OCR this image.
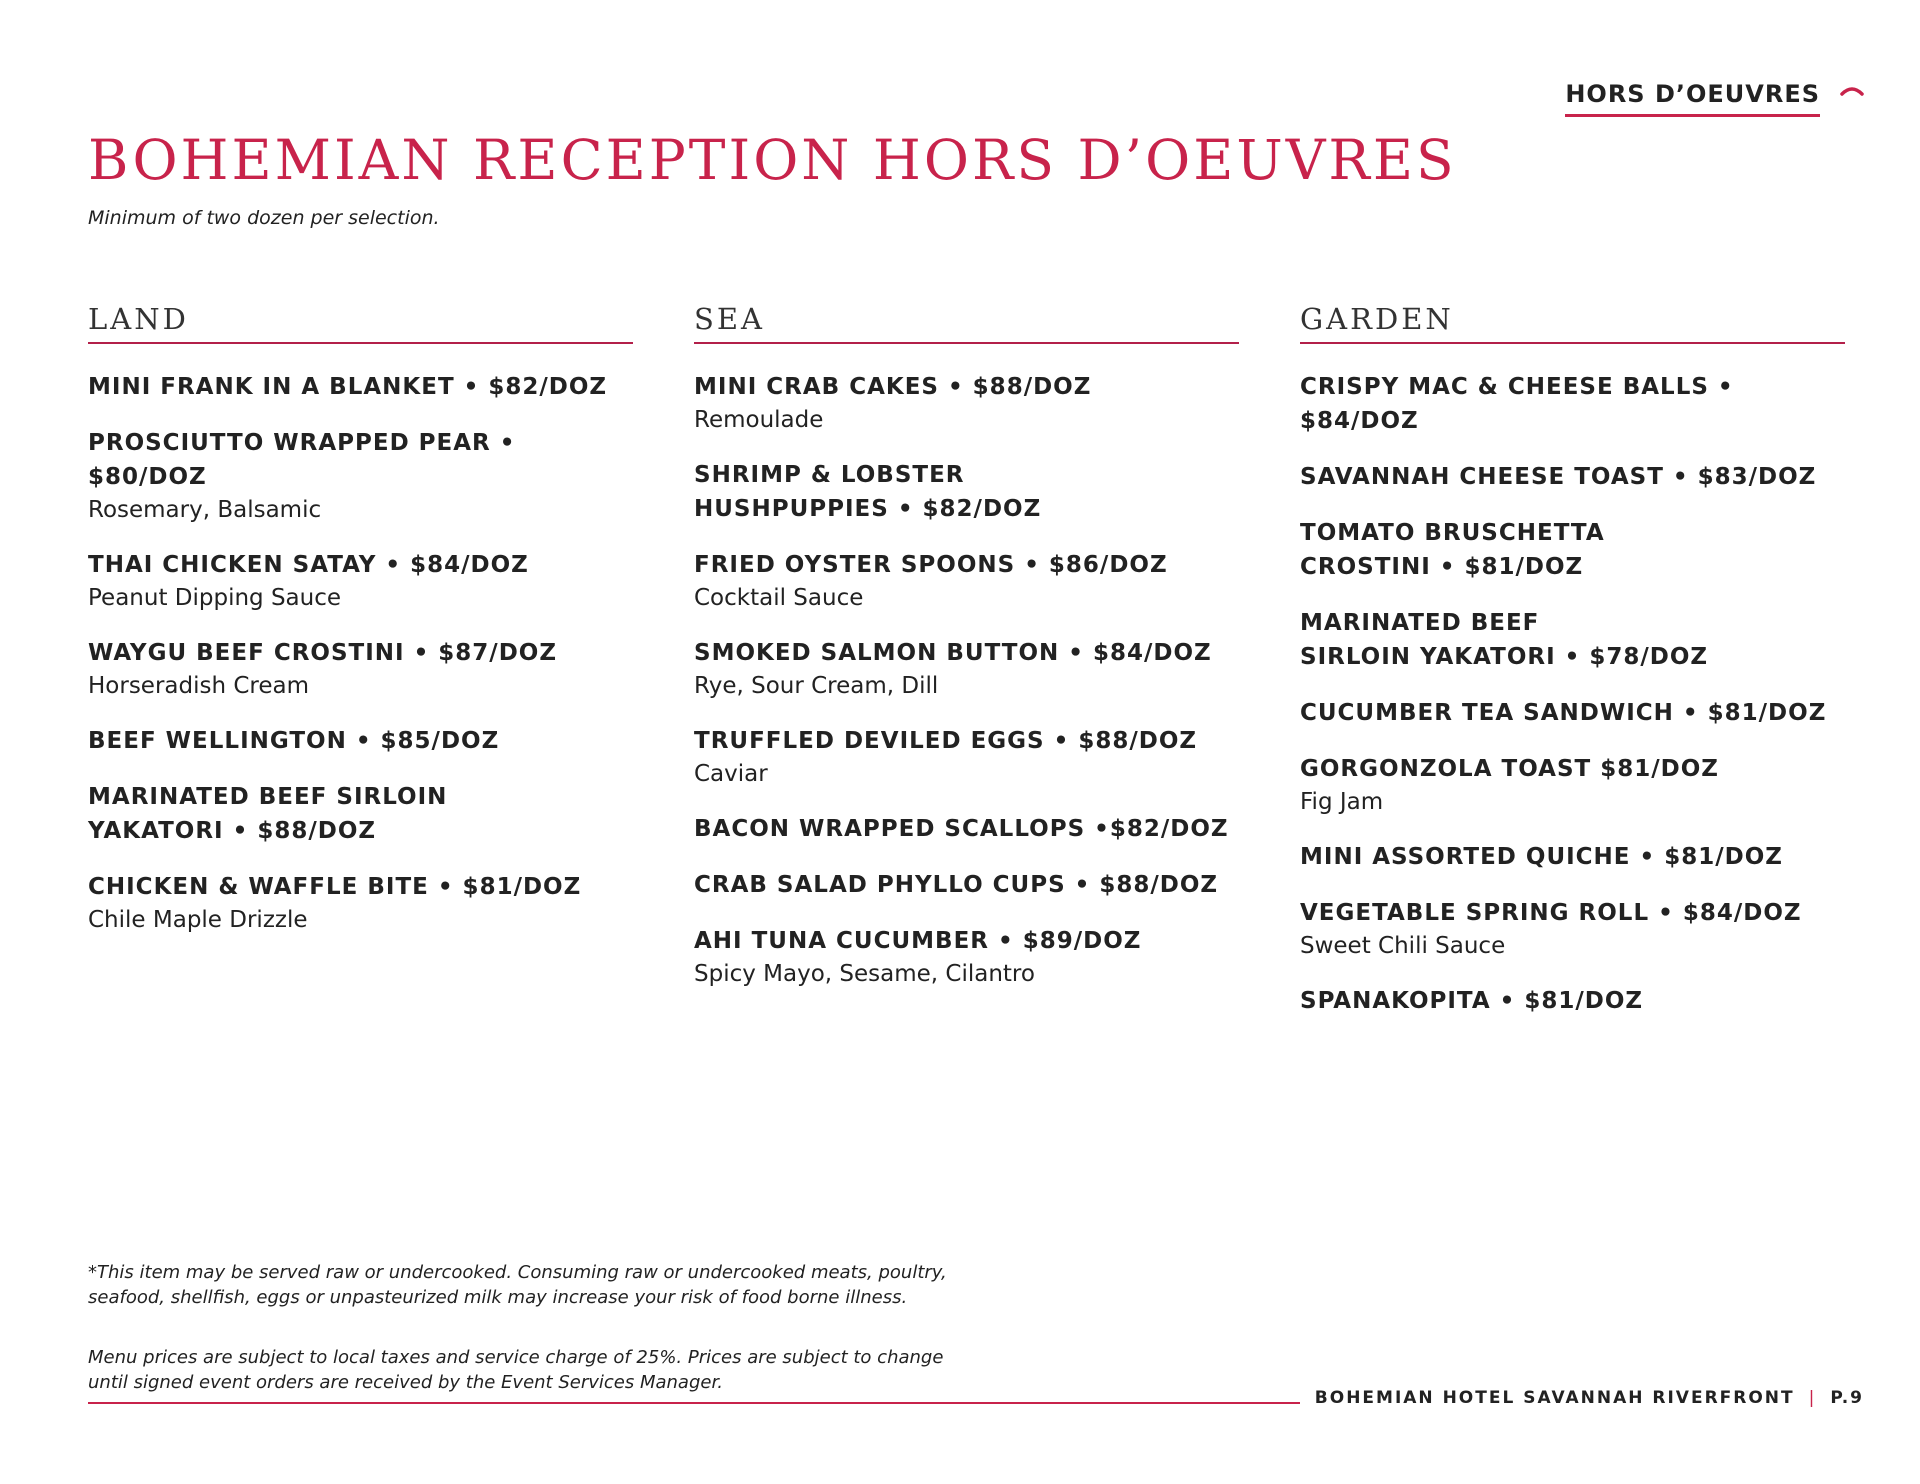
HORS D’OEUVRES
BOHEMIAN RECEPTION HORS D’OEUVRES

Minimum of two dozen per selection.

LAND
MINI FRANK IN A BLANKET • $82/DOZ
PROSCIUTTO WRAPPED PEAR • $80/DOZ
Rosemary, Balsamic
THAI CHICKEN SATAY • $84/DOZ
Peanut Dipping Sauce
WAYGU BEEF CROSTINI • $87/DOZ
Horseradish Cream
BEEF WELLINGTON • $85/DOZ
MARINATED BEEF SIRLOIN
YAKATORI • $88/DOZ
CHICKEN & WAFFLE BITE • $81/DOZ
Chile Maple Drizzle
SEA
MINI CRAB CAKES • $88/DOZ
Remoulade
SHRIMP & LOBSTER
HUSHPUPPIES • $82/DOZ
FRIED OYSTER SPOONS • $86/DOZ
Cocktail Sauce
SMOKED SALMON BUTTON • $84/DOZ
Rye, Sour Cream, Dill
TRUFFLED DEVILED EGGS • $88/DOZ
Caviar
BACON WRAPPED SCALLOPS •$82/DOZ
CRAB SALAD PHYLLO CUPS • $88/DOZ
AHI TUNA CUCUMBER • $89/DOZ
Spicy Mayo, Sesame, Cilantro
GARDEN
CRISPY MAC & CHEESE BALLS • $84/DOZ
SAVANNAH CHEESE TOAST • $83/DOZ
TOMATO BRUSCHETTA
CROSTINI • $81/DOZ
MARINATED BEEF
SIRLOIN YAKATORI • $78/DOZ
CUCUMBER TEA SANDWICH • $81/DOZ
GORGONZOLA TOAST $81/DOZ
Fig Jam
MINI ASSORTED QUICHE • $81/DOZ
VEGETABLE SPRING ROLL • $84/DOZ
Sweet Chili Sauce
SPANAKOPITA • $81/DOZ

*This item may be served raw or undercooked. Consuming raw or undercooked meats, poultry, seafood, shellfish, eggs or unpasteurized milk may increase your risk of food borne illness.

Menu prices are subject to local taxes and service charge of 25%. Prices are subject to change until signed event orders are received by the Event Services Manager.

BOHEMIAN HOTEL SAVANNAH RIVERFRONT | P.9
